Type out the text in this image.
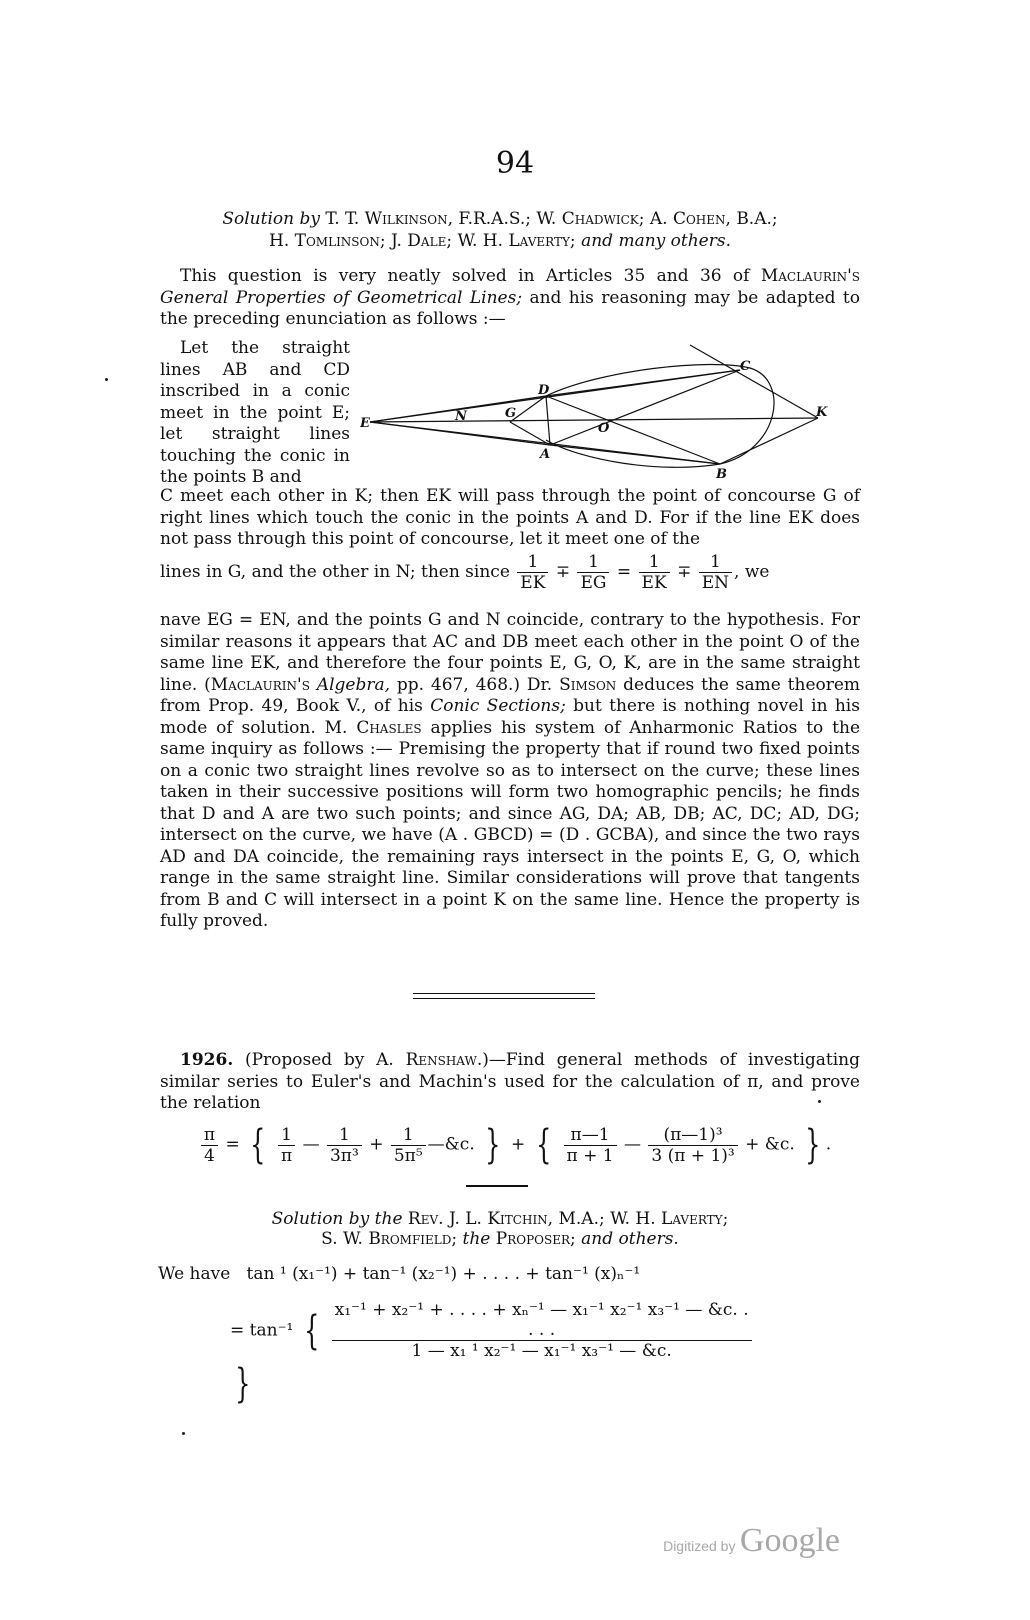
94
Solution by T. T. Wilkinson, F.R.A.S.; W. Chadwick; A. Cohen, B.A.;
H. Tomlinson; J. Dale; W. H. Laverty; and many others.
This question is very neatly solved in Articles 35 and 36 of Maclaurin's General Properties of Geometrical Lines; and his reasoning may be adapted to the preceding enunciation as follows :—
Let the straight lines AB and CD inscribed in a conic meet in the point E; let straight lines touching the conic in the points B and
E	N	G
D
A
O
C
B
K
C meet each other in K; then EK will pass through the point of concourse G of right lines which touch the conic in the points A and D. For if the line EK does not pass through this point of concourse, let it meet one of the
lines in G, and the other in N; then since $\frac{1}{EK} \mp \frac{1}{EG} = \frac{1}{EK} \mp \frac{1}{EN}$ , we
nave EG = EN, and the points G and N coincide, contrary to the hypothesis. For similar reasons it appears that AC and DB meet each other in the point O of the same line EK, and therefore the four points E, G, O, K, are in the same straight line. (Maclaurin's Algebra, pp. 467, 468.) Dr. Simson deduces the same theorem from Prop. 49, Book V., of his Conic Sections; but there is nothing novel in his mode of solution. M. Chasles applies his system of Anharmonic Ratios to the same inquiry as follows :— Premising the property that if round two fixed points on a conic two straight lines revolve so as to intersect on the curve; these lines taken in their successive positions will form two homographic pencils; he finds that D and A are two such points; and since AG, DA; AB, DB; AC, DC; AD, DG; intersect on the curve, we have (A . GBCD) = (D . GCBA), and since the two rays AD and DA coincide, the remaining rays intersect in the points E, G, O, which range in the same straight line. Similar considerations will prove that tangents from B and C will intersect in a point K on the same line. Hence the property is fully proved.
1926. (Proposed by A. Renshaw.)—Find general methods of investigating similar series to Euler's and Machin's used for the calculation of π, and prove the relation
$\frac{\pi}{4}$ = { $\frac{1}{\pi}$ — $\frac{1}{\text{3π³}} + \frac{1}{\text{5π⁵}}$ —&c. } + { $\frac{\pi—1}{\pi + 1}$ — $\frac{\text{(π—1)³}}{\text{3 (π + 1)³}}$ + &c. } .
Solution by the Rev. J. L. Kitchin, M.A.; W. H. Laverty;
S. W. Bromfield; the Proposer; and others.
We have tan ¹ (x₁⁻¹) + tan⁻¹ (x₂⁻¹) + . . . . + tan⁻¹ (x)ₙ⁻¹
= tan⁻¹ { $\frac{\text{x₁⁻¹ + x₂⁻¹ + . . . . + xₙ⁻¹ — x₁⁻¹ x₂⁻¹ x₃⁻¹ — \&c. . . . .}}{\text{1 — x₁ ¹ x₂⁻¹ — x₁⁻¹ x₃⁻¹ — \&c.}}$
}
Digitized by Google
